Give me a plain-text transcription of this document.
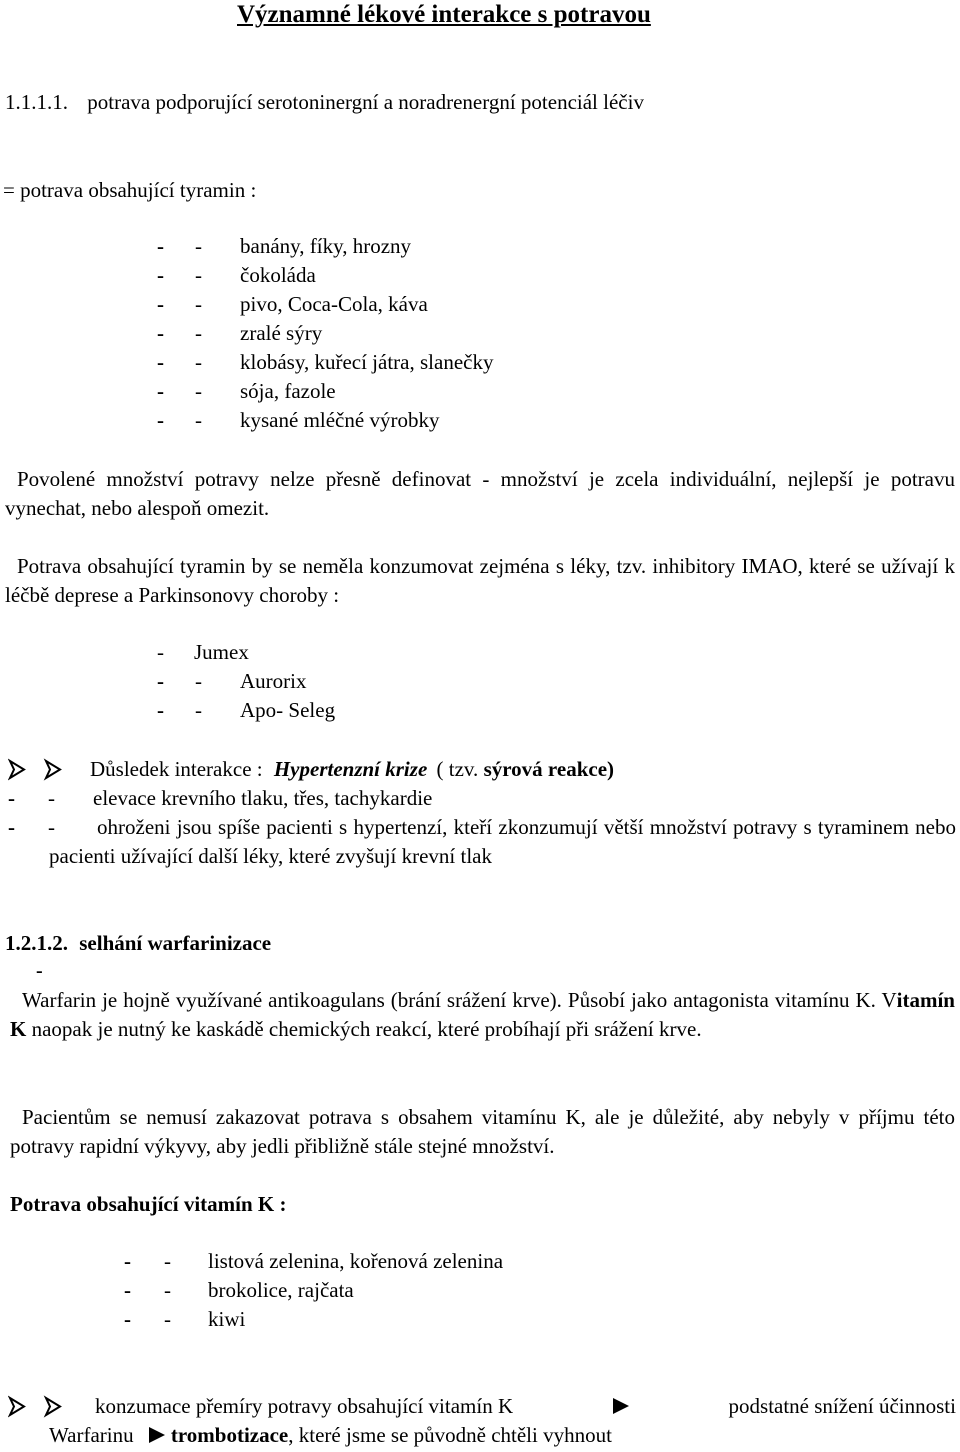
Významné lékové interakce s potravou
1.1.1.1. potrava podporující serotoninergní a noradrenergní potenciál léčiv
= potrava obsahující tyramin :
- - banány, fíky, hrozny
- - čokoláda
- - pivo, Coca-Cola, káva
- - zralé sýry
- - klobásy, kuřecí játra, slanečky
- - sója, fazole
- - kysané mléčné výrobky
Povolené množství potravy nelze přesně definovat - množství je zcela individuální, nejlepší je potravu vynechat, nebo alespoň omezit.
Potrava obsahující tyramin by se neměla konzumovat zejména s léky, tzv. inhibitory IMAO, které se užívají k léčbě deprese a Parkinsonovy choroby :
- Jumex
- - Aurorix
- - Apo- Seleg
Důsledek interakce : Hypertenzní krize ( tzv. sýrová reakce)
- - elevace krevního tlaku, třes, tachykardie
- -	ohroženi jsou spíše pacienti s hypertenzí, kteří zkonzumují větší množství potravy s tyraminem nebo pacienti užívající další léky, které zvyšují krevní tlak
1.2.1.2. selhání warfarinizace
-
Warfarin je hojně využívané antikoagulans (brání srážení krve). Působí jako antagonista vitamínu K. Vitamín K naopak je nutný ke kaskádě chemických reakcí, které probíhají při srážení krve.
Pacientům se nemusí zakazovat potrava s obsahem vitamínu K, ale je důležité, aby nebyly v příjmu této potravy rapidní výkyvy, aby jedli přibližně stále stejné množství.
Potrava obsahující vitamín K :
- - listová zelenina, kořenová zelenina
- - brokolice, rajčata
- - kiwi
konzumace přemíry potravy obsahující vitamín K	podstatné snížení účinnosti
Warfarinu trombotizace, které jsme se původně chtěli vyhnout
